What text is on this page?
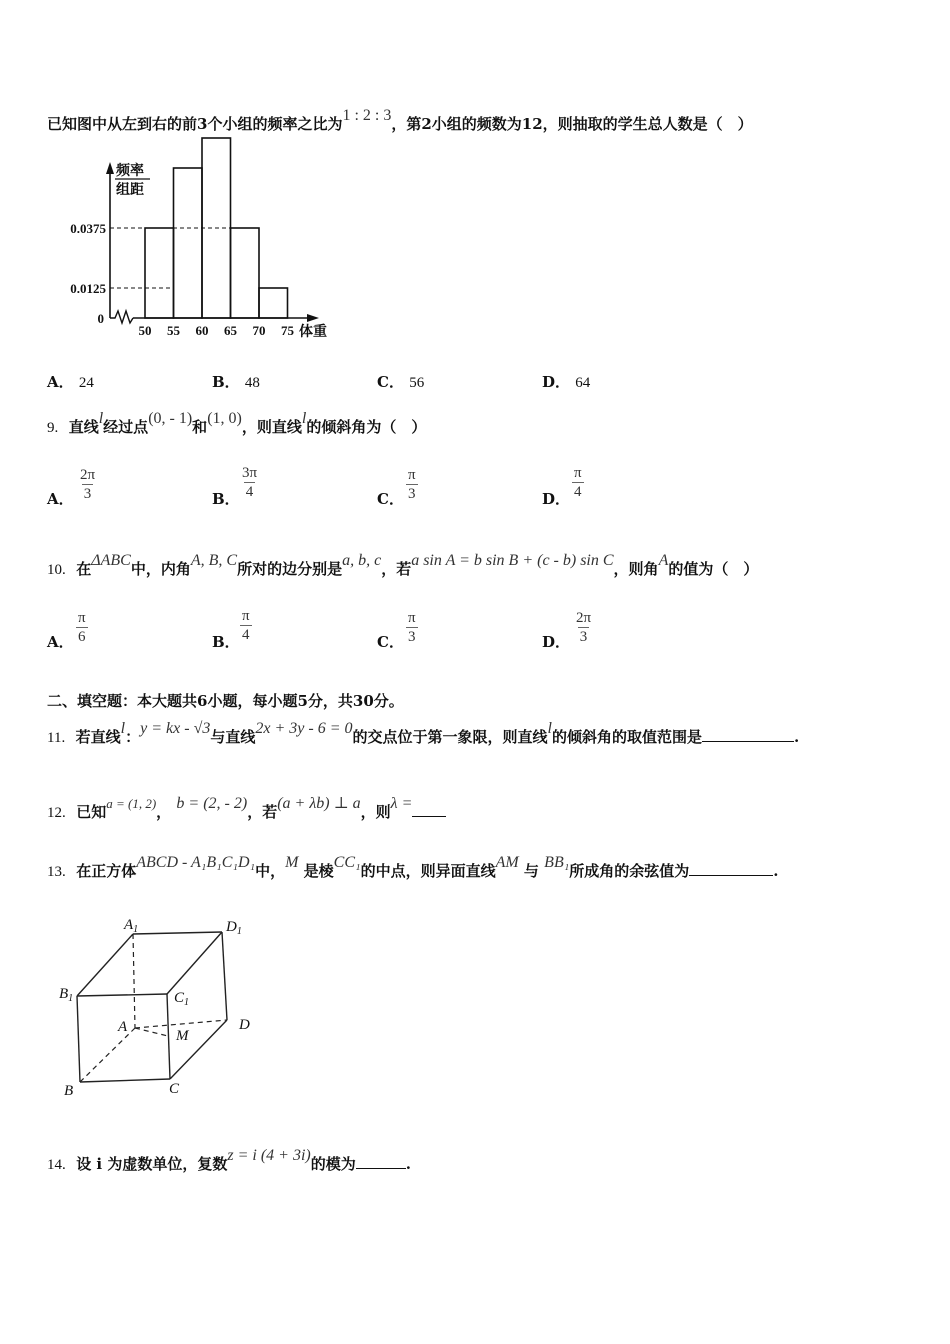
已知图中从左到右的前3个小组的频率之比为1 : 2 : 3，第2小组的频数为12，则抽取的学生总人数是（　）
频率
组距
0.0125
0.0375
50 55 60 65 70 75
0
体重
A． 24	B． 48	C． 56	D． 64
9. 直线l经过点(0, - 1)和(1, 0)，则直线l的倾斜角为（　）
A． $\frac{2\pi}{3}$	B． $\frac{3\pi}{4}$	C． $\frac{\pi}{3}$	D． $\frac{\pi}{4}$
10. 在ΔABC中，内角A, B, C所对的边分别是a, b, c，若a sin A = b sin B + (c - b) sin C，则角A的值为（　）
A． $\frac{\pi}{6}$	B． $\frac{\pi}{4}$	C． $\frac{\pi}{3}$	D． $\frac{2\pi}{3}$
二、填空题：本大题共6小题，每小题5分，共30分。
11. 若直线l：y = kx - √3与直线2x + 3y - 6 = 0的交点位于第一象限，则直线l的倾斜角的取值范围是	.
12. 已知a = (1, 2)， b = (2, - 2)，若(a + λb) ⊥ a，则λ =
13. 在正方体ABCD - A₁B₁C₁D₁中，M 是棱CC₁的中点，则异面直线AM 与 BB₁所成角的余弦值为	.
$A_1$	$D_1$
$B_1$	$C_1$
A	D
M
B	C
14. 设 i 为虚数单位，复数z = i (4 + 3i)的模为	.
